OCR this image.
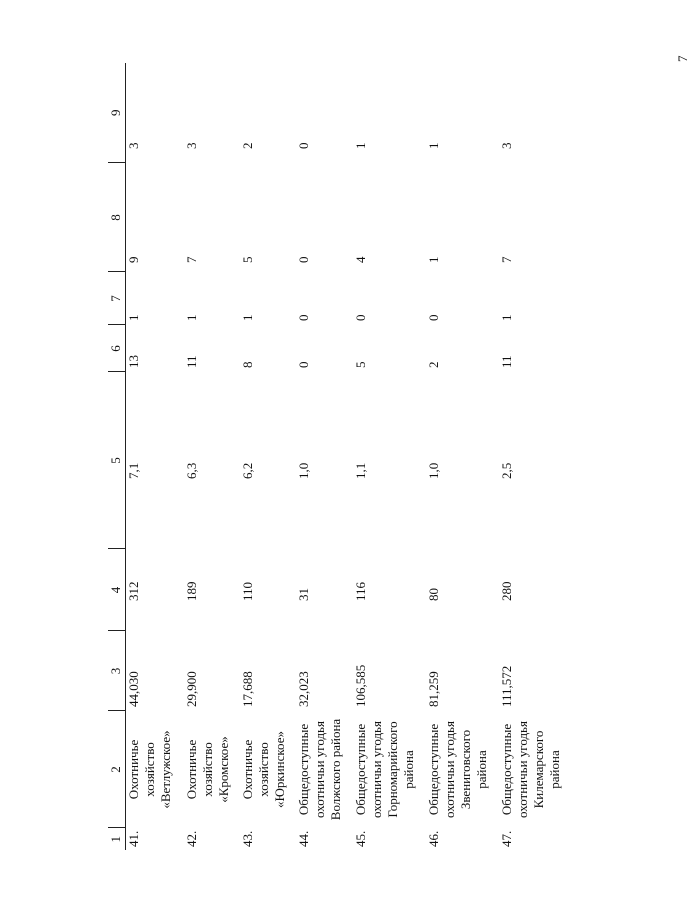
7
1	2	3	4	5	6	7	8	9
41.	Охотничье хозяйство «Ветлужское»	44,030	312	7,1	13	1	9	3
42.	Охотничье хозяйство «Кромское»	29,900	189	6,3	11	1	7	3
43.	Охотничье хозяйство «Юркинское»	17,688	110	6,2	8	1	5	2
44.	Общедоступные охотничьи угодья Волжского района	32,023	31	1,0	0	0	0	0
45.	Общедоступные охотничьи угодья Горномарийского района	106,585	116	1,1	5	0	4	1
46.	Общедоступные охотничьи угодья Звениговского района	81,259	80	1,0	2	0	1	1
47.	Общедоступные охотничьи угодья Килемарского района	111,572	280	2,5	11	1	7	3
